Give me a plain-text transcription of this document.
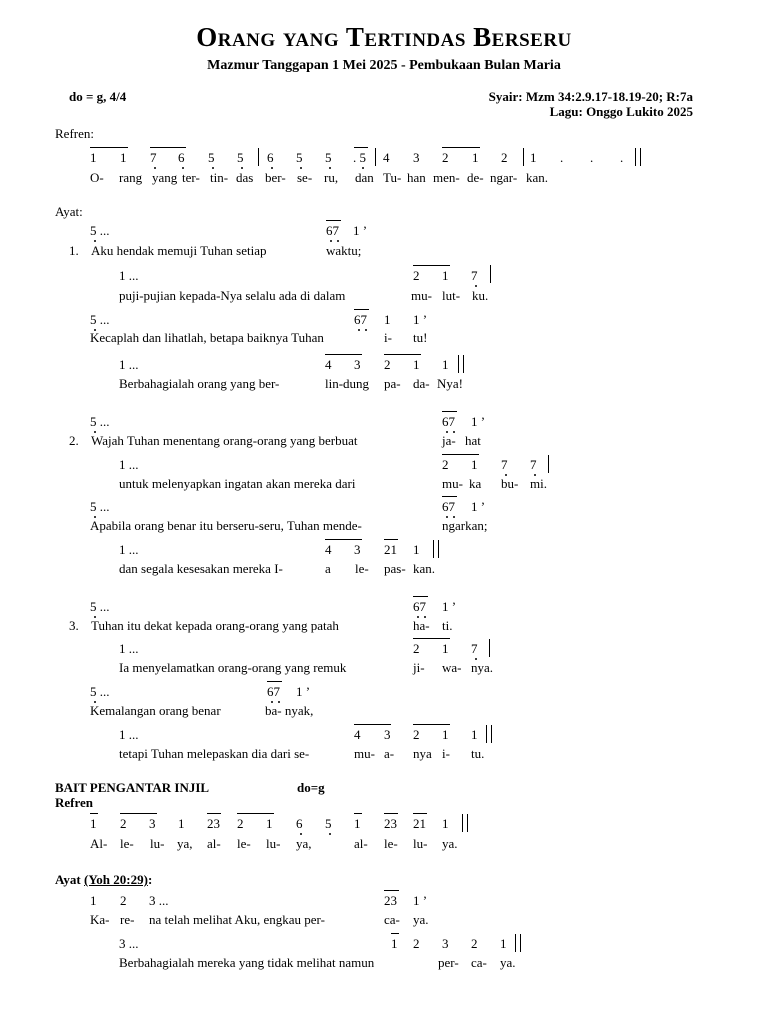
Orang yang Tertindas Berseru
Mazmur Tanggapan 1 Mei 2025 - Pembukaan Bulan Maria
do = g, 4/4	Syair: Mzm 34:2.9.17-18.19-20; R:7a
Lagu: Onggo Lukito 2025
Refren:
1 1 7 6 5 5 6 5 5 . 5 4 3 2 1 2 1 . . .
O- rang yang ter- tin- das ber- se- ru, dan Tu- han men- de- ngar- kan.
Ayat:
5 ...	67 1 ’
1. Aku hendak memuji Tuhan setiap	waktu;
1 ...	2 1 7
puji-pujian kepada-Nya selalu ada di dalam	mu- lut- ku.
5 ...	67 1 1 ’
Kecaplah dan lihatlah, betapa baiknya Tuhan	i- tu!
1 ...	4 3 2 1 1
Berbahagialah orang yang ber-	lin-dung pa- da- Nya!
5 ...	67 1 ’
2. Wajah Tuhan menentang orang-orang yang berbuat	ja- hat
1 ...	2 1 7 7
untuk melenyapkan ingatan akan mereka dari	mu- ka bu- mi.
5 ...	67 1 ’
Apabila orang benar itu berseru-seru, Tuhan mende-	ngarkan;
1 ...	4 3 21 1
dan segala kesesakan mereka I-	a le- pas- kan.
5 ...	67 1 ’
3. Tuhan itu dekat kepada orang-orang yang patah	ha- ti.
1 ...	2 1 7
Ia menyelamatkan orang-orang yang remuk	ji- wa- nya.
5 ...	67 1 ’
Kemalangan orang benar	ba- nyak,
1 ...	4 3 2 1 1
tetapi Tuhan melepaskan dia dari se-	mu- a- nya i- tu.
BAIT PENGANTAR INJIL	do=g
Refren
1 2 3 1 23 2 1 6 5 1 23 21 1
Al- le- lu- ya, al- le- lu- ya,	al- le- lu- ya.
Ayat (Yoh 20:29):
1 2 3 ...	23 1 ’
Ka- re- na telah melihat Aku, engkau per-	ca- ya.
3 ...	1 2 3 2 1
Berbahagialah mereka yang tidak melihat namun	per- ca- ya.
